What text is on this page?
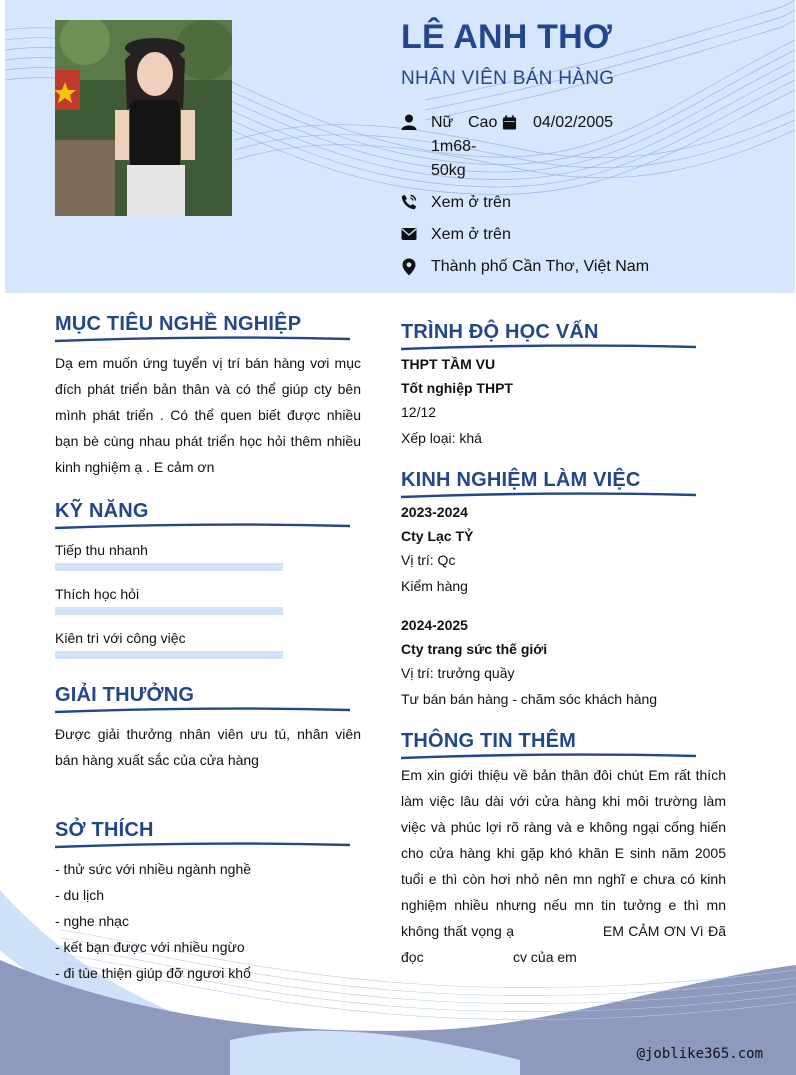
LÊ ANH THƠ
NHÂN VIÊN BÁN HÀNG
Nữ Cao
1m68-
50kg
04/02/2005
Xem ở trên
Xem ở trên
Thành phố Cần Thơ, Việt Nam
MỤC TIÊU NGHỀ NGHIỆP
Dạ em muốn ứng tuyển vị trí bán hàng vơi mục đích phát triển bản thân và có thể giúp cty bên mình phát triển . Có thể quen biết được nhiều bạn bè cùng nhau phát triển học hỏi thêm nhiều kinh nghiệm ạ . E cảm ơn
KỸ NĂNG
Tiếp thu nhanh
Thích học hỏi
Kiên trì với công việc
GIẢI THƯỞNG
Được giải thưởng nhân viên ưu tú, nhân viên bán hàng xuất sắc của cửa hàng
SỞ THÍCH
- thử sức với nhiều ngành nghề
- du lịch
- nghe nhạc
- kết bạn được với nhiều ngừo
- đi tùe thiện giúp đỡ ngươi khổ
TRÌNH ĐỘ HỌC VẤN
THPT TẦM VU
Tốt nghiệp THPT
12/12
Xếp loại: khá
KINH NGHIỆM LÀM VIỆC
2023-2024
Cty Lạc TỶ
Vị trí: Qc
Kiểm hàng
2024-2025
Cty trang sức thế giới
Vị trí: trưởng quầy
Tư bán bán hàng - chăm sóc khách hàng
THÔNG TIN THÊM
Em xin giới thiệu về bản thân đôi chút Em rất thích làm việc lâu dài với cửa hàng khi môi trường làm việc và phúc lợi rõ ràng và e không ngại cống hiến cho cửa hàng khi gặp khó khăn E sinh năm 2005 tuổi e thì còn hơi nhỏ nên mn nghĩ e chưa có kinh nghiệm nhiều nhưng nếu mn tin tưởng e thì mn không thất vọng ạ                    EM CẢM ƠN Vì Đã đọc                       cv của em
@joblike365.com
